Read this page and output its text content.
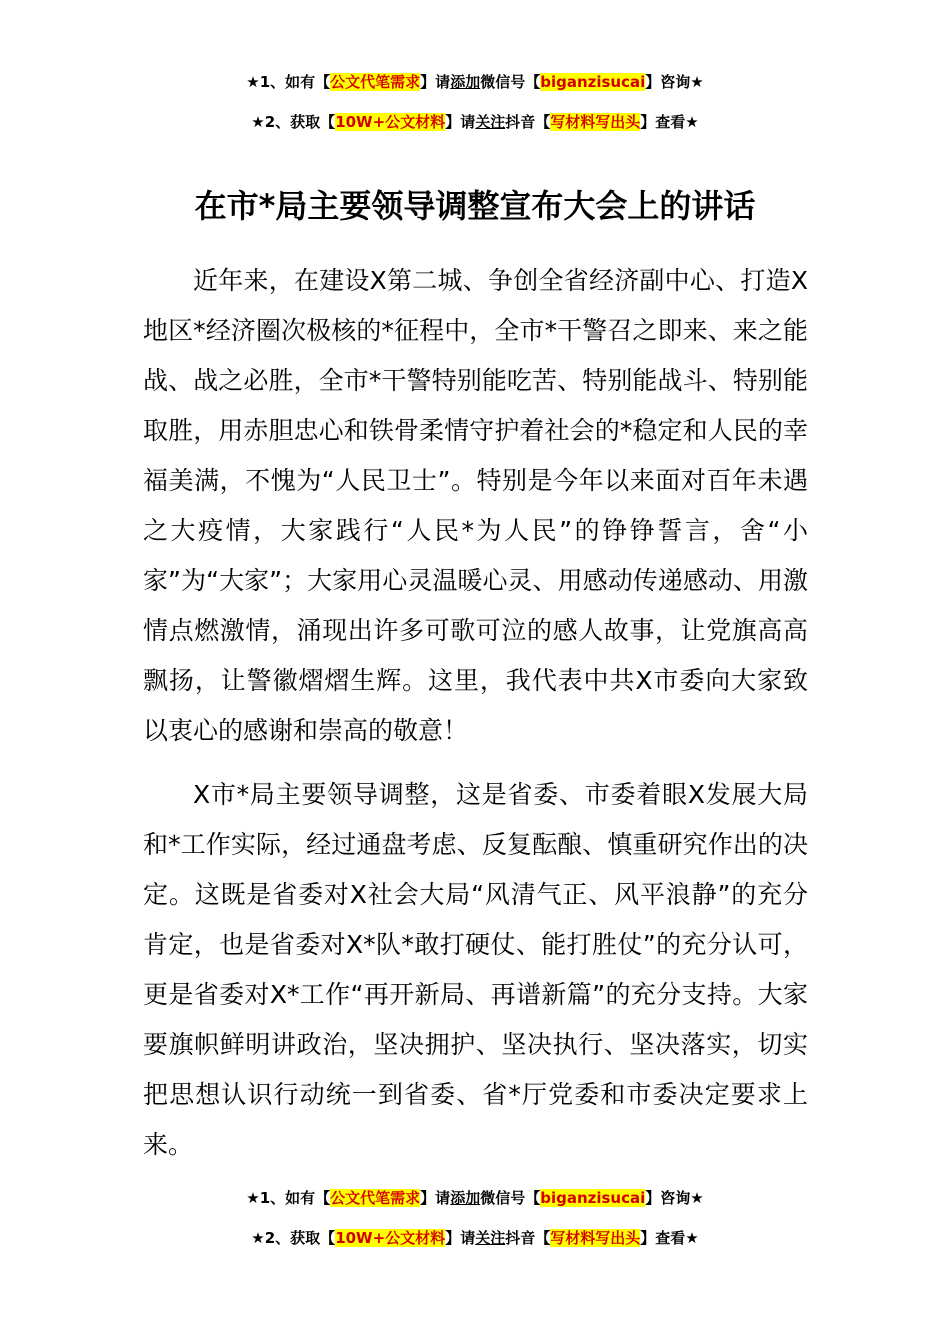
★1、如有【公文代笔需求】请添加微信号【biganzisucai】咨询★
★2、获取【10W+公文材料】请关注抖音【写材料写出头】查看★
在市*局主要领导调整宣布大会上的讲话

近年来，在建设X第二城、争创全省经济副中心、打造X地区*经济圈次极核的*征程中，全市*干警召之即来、来之能战、战之必胜，全市*干警特别能吃苦、特别能战斗、特别能取胜，用赤胆忠心和铁骨柔情守护着社会的*稳定和人民的幸福美满，不愧为“人民卫士”。特别是今年以来面对百年未遇之大疫情，大家践行“人民*为人民”的铮铮誓言，舍“小家”为“大家”；大家用心灵温暖心灵、用感动传递感动、用激情点燃激情，涌现出许多可歌可泣的感人故事，让党旗高高飘扬，让警徽熠熠生辉。这里，我代表中共X市委向大家致以衷心的感谢和崇高的敬意！

X市*局主要领导调整，这是省委、市委着眼X发展大局和*工作实际，经过通盘考虑、反复酝酿、慎重研究作出的决定。这既是省委对X社会大局“风清气正、风平浪静”的充分肯定，也是省委对X*队*敢打硬仗、能打胜仗”的充分认可，更是省委对X*工作“再开新局、再谱新篇”的充分支持。大家要旗帜鲜明讲政治，坚决拥护、坚决执行、坚决落实，切实把思想认识行动统一到省委、省*厅党委和市委决定要求上来。

★1、如有【公文代笔需求】请添加微信号【biganzisucai】咨询★
★2、获取【10W+公文材料】请关注抖音【写材料写出头】查看★
